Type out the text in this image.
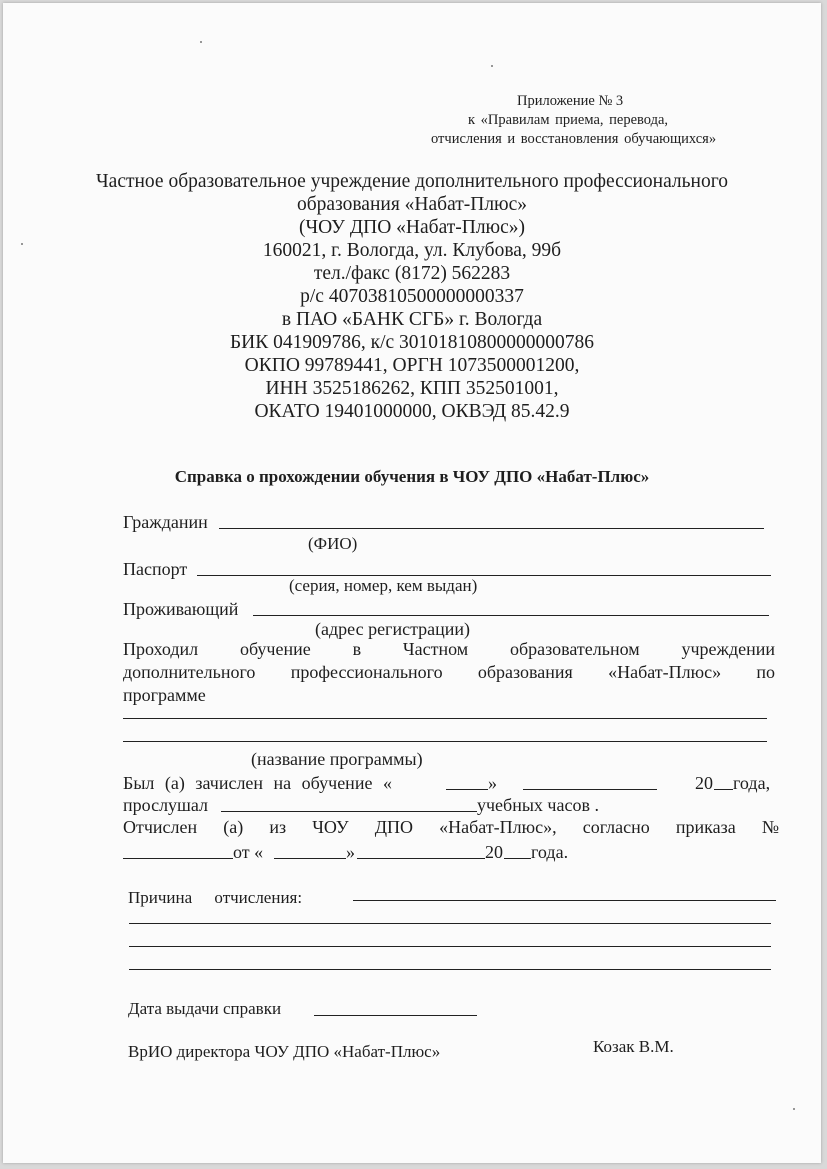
Приложение № 3
к «Правилам приема, перевода,
отчисления и восстановления обучающихся»
Частное образовательное учреждение дополнительного профессионального
образования «Набат-Плюс»
(ЧОУ ДПО «Набат-Плюс»)
160021, г. Вологда, ул. Клубова, 99б
тел./факс (8172) 562283
р/с 40703810500000000337
в ПАО «БАНК СГБ» г. Вологда
БИК 041909786, к/с 30101810800000000786
ОКПО 99789441, ОРГН 1073500001200,
ИНН 3525186262, КПП 352501001,
ОКАТО 19401000000, ОКВЭД 85.42.9
Справка о прохождении обучения в ЧОУ ДПО «Набат-Плюс»
Гражданин
(ФИО)
Паспорт
(серия, номер, кем выдан)
Проживающий
(адрес регистрации)
Проходил обучение в Частном образовательном учреждении
дополнительного профессионального образования «Набат-Плюс» по
программе
(название программы)
Был (а) зачислен на обучение «	»	20 года,
прослушал	учебных часов .
Отчислен (а) из ЧОУ ДПО «Набат-Плюс», согласно приказа №
от «	»	20 года.
Причина отчисления:
Дата выдачи справки
ВрИО директора ЧОУ ДПО «Набат-Плюс»	Козак В.М.
